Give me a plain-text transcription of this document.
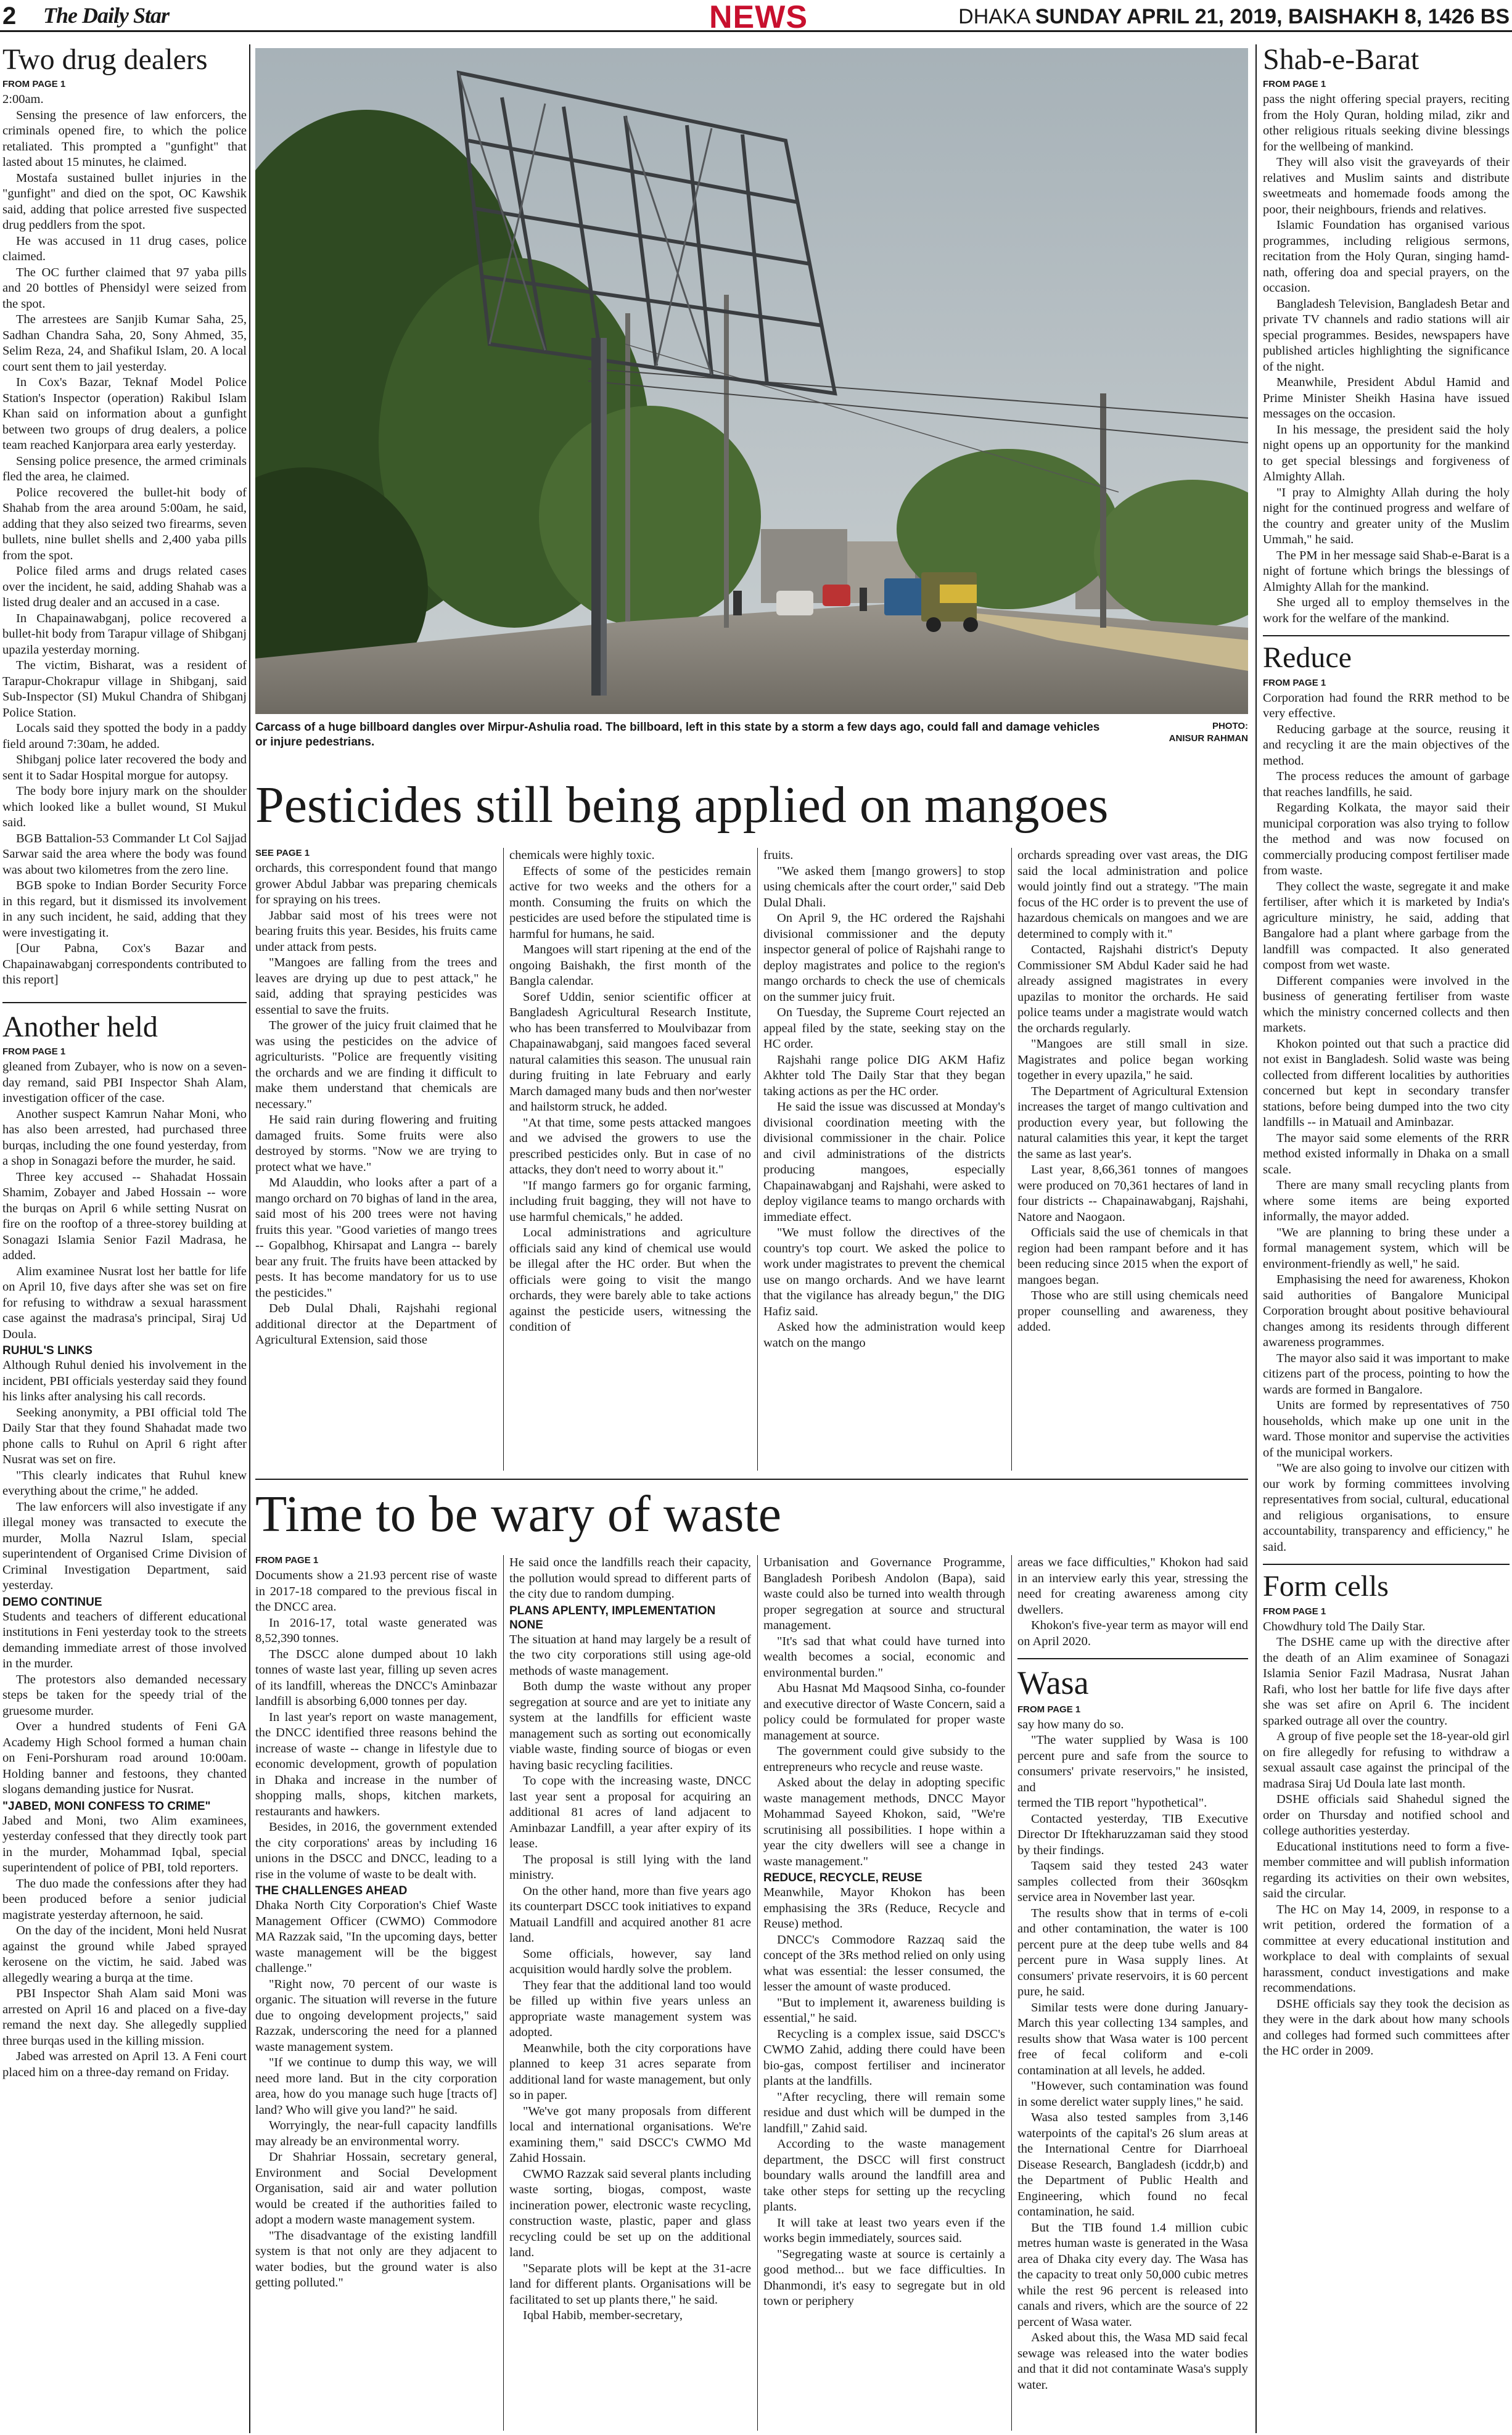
2 The Daily Star	NEWS	DHAKA SUNDAY APRIL 21, 2019, BAISHAKH 8, 1426 BS
Two drug dealers
FROM PAGE 1

2:00am.

Sensing the presence of law enforcers, the criminals opened fire, to which the police retaliated. This prompted a "gunfight" that lasted about 15 minutes, he claimed.

Mostafa sustained bullet injuries in the "gunfight" and died on the spot, OC Kawshik said, adding that police arrested five suspected drug peddlers from the spot.

He was accused in 11 drug cases, police claimed.

The OC further claimed that 97 yaba pills and 20 bottles of Phensidyl were seized from the spot.

The arrestees are Sanjib Kumar Saha, 25, Sadhan Chandra Saha, 20, Sony Ahmed, 35, Selim Reza, 24, and Shafikul Islam, 20. A local court sent them to jail yesterday.

In Cox's Bazar, Teknaf Model Police Station's Inspector (operation) Rakibul Islam Khan said on information about a gunfight between two groups of drug dealers, a police team reached Kanjorpara area early yesterday.

Sensing police presence, the armed criminals fled the area, he claimed.

Police recovered the bullet-hit body of Shahab from the area around 5:00am, he said, adding that they also seized two firearms, seven bullets, nine bullet shells and 2,400 yaba pills from the spot.

Police filed arms and drugs related cases over the incident, he said, adding Shahab was a listed drug dealer and an accused in a case.

In Chapainawabganj, police recovered a bullet-hit body from Tarapur village of Shibganj upazila yesterday morning.

The victim, Bisharat, was a resident of Tarapur-Chokrapur village in Shibganj, said Sub-Inspector (SI) Mukul Chandra of Shibganj Police Station.

Locals said they spotted the body in a paddy field around 7:30am, he added.

Shibganj police later recovered the body and sent it to Sadar Hospital morgue for autopsy.

The body bore injury mark on the shoulder which looked like a bullet wound, SI Mukul said.

BGB Battalion-53 Commander Lt Col Sajjad Sarwar said the area where the body was found was about two kilometres from the zero line.

BGB spoke to Indian Border Security Force in this regard, but it dismissed its involvement in any such incident, he said, adding that they were investigating it.

[Our Pabna, Cox's Bazar and Chapainawabganj correspondents contributed to this report]

Another held
FROM PAGE 1

gleaned from Zubayer, who is now on a seven-day remand, said PBI Inspector Shah Alam, investigation officer of the case.

Another suspect Kamrun Nahar Moni, who has also been arrested, had purchased three burqas, including the one found yesterday, from a shop in Sonagazi before the murder, he said.

Three key accused -- Shahadat Hossain Shamim, Zobayer and Jabed Hossain -- wore the burqas on April 6 while setting Nusrat on fire on the rooftop of a three-storey building at Sonagazi Islamia Senior Fazil Madrasa, he added.

Alim examinee Nusrat lost her battle for life on April 10, five days after she was set on fire for refusing to withdraw a sexual harassment case against the madrasa's principal, Siraj Ud Doula.

RUHUL'S LINKS

Although Ruhul denied his involvement in the incident, PBI officials yesterday said they found his links after analysing his call records.

Seeking anonymity, a PBI official told The Daily Star that they found Shahadat made two phone calls to Ruhul on April 6 right after Nusrat was set on fire.

"This clearly indicates that Ruhul knew everything about the crime," he added.

The law enforcers will also investigate if any illegal money was transacted to execute the murder, Molla Nazrul Islam, special superintendent of Organised Crime Division of Criminal Investigation Department, said yesterday.

DEMO CONTINUE

Students and teachers of different educational institutions in Feni yesterday took to the streets demanding immediate arrest of those involved in the murder.

The protestors also demanded necessary steps be taken for the speedy trial of the gruesome murder.

Over a hundred students of Feni GA Academy High School formed a human chain on Feni-Porshuram road around 10:00am. Holding banner and festoons, they chanted slogans demanding justice for Nusrat.

"JABED, MONI CONFESS TO CRIME"

Jabed and Moni, two Alim examinees, yesterday confessed that they directly took part in the murder, Mohammad Iqbal, special superintendent of police of PBI, told reporters.

The duo made the confessions after they had been produced before a senior judicial magistrate yesterday afternoon, he said.

On the day of the incident, Moni held Nusrat against the ground while Jabed sprayed kerosene on the victim, he said. Jabed was allegedly wearing a burqa at the time.

PBI Inspector Shah Alam said Moni was arrested on April 16 and placed on a five-day remand the next day. She allegedly supplied three burqas used in the killing mission.

Jabed was arrested on April 13. A Feni court placed him on a three-day remand on Friday.

Carcass of a huge billboard dangles over Mirpur-Ashulia road. The billboard, left in this state by a storm a few days ago, could fall and damage vehicles or injure pedestrians.
PHOTO:
ANISUR RAHMAN
Pesticides still being applied on mangoes
SEE PAGE 1

orchards, this correspondent found that mango grower Abdul Jabbar was preparing chemicals for spraying on his trees.

Jabbar said most of his trees were not bearing fruits this year. Besides, his fruits came under attack from pests.

"Mangoes are falling from the trees and leaves are drying up due to pest attack," he said, adding that spraying pesticides was essential to save the fruits.

The grower of the juicy fruit claimed that he was using the pesticides on the advice of agriculturists. "Police are frequently visiting the orchards and we are finding it difficult to make them understand that chemicals are necessary."

He said rain during flowering and fruiting damaged fruits. Some fruits were also destroyed by storms. "Now we are trying to protect what we have."

Md Alauddin, who looks after a part of a mango orchard on 70 bighas of land in the area, said most of his 200 trees were not having fruits this year. "Good varieties of mango trees -- Gopalbhog, Khirsapat and Langra -- barely bear any fruit. The fruits have been attacked by pests. It has become mandatory for us to use the pesticides."

Deb Dulal Dhali, Rajshahi regional additional director at the Department of Agricultural Extension, said those

chemicals were highly toxic.

Effects of some of the pesticides remain active for two weeks and the others for a month. Consuming the fruits on which the pesticides are used before the stipulated time is harmful for humans, he said.

Mangoes will start ripening at the end of the ongoing Baishakh, the first month of the Bangla calendar.

Soref Uddin, senior scientific officer at Bangladesh Agricultural Research Institute, who has been transferred to Moulvibazar from Chapainawabganj, said mangoes faced several natural calamities this season. The unusual rain during fruiting in late February and early March damaged many buds and then nor'wester and hailstorm struck, he added.

"At that time, some pests attacked mangoes and we advised the growers to use the prescribed pesticides only. But in case of no attacks, they don't need to worry about it."

"If mango farmers go for organic farming, including fruit bagging, they will not have to use harmful chemicals," he added.

Local administrations and agriculture officials said any kind of chemical use would be illegal after the HC order. But when the officials were going to visit the mango orchards, they were barely able to take actions against the pesticide users, witnessing the condition of

fruits.

"We asked them [mango growers] to stop using chemicals after the court order," said Deb Dulal Dhali.

On April 9, the HC ordered the Rajshahi divisional commissioner and the deputy inspector general of police of Rajshahi range to deploy magistrates and police to the region's mango orchards to check the use of chemicals on the summer juicy fruit.

On Tuesday, the Supreme Court rejected an appeal filed by the state, seeking stay on the HC order.

Rajshahi range police DIG AKM Hafiz Akhter told The Daily Star that they began taking actions as per the HC order.

He said the issue was discussed at Monday's divisional coordination meeting with the divisional commissioner in the chair. Police and civil administrations of the districts producing mangoes, especially Chapainawabganj and Rajshahi, were asked to deploy vigilance teams to mango orchards with immediate effect.

"We must follow the directives of the country's top court. We asked the police to work under magistrates to prevent the chemical use on mango orchards. And we have learnt that the vigilance has already begun," the DIG Hafiz said.

Asked how the administration would keep watch on the mango

orchards spreading over vast areas, the DIG said the local administration and police would jointly find out a strategy. "The main focus of the HC order is to prevent the use of hazardous chemicals on mangoes and we are determined to comply with it."

Contacted, Rajshahi district's Deputy Commissioner SM Abdul Kader said he had already assigned magistrates in every upazilas to monitor the orchards. He said police teams under a magistrate would watch the orchards regularly.

"Mangoes are still small in size. Magistrates and police began working together in every upazila," he said.

The Department of Agricultural Extension increases the target of mango cultivation and production every year, but following the natural calamities this year, it kept the target the same as last year's.

Last year, 8,66,361 tonnes of mangoes were produced on 70,361 hectares of land in four districts -- Chapainawabganj, Rajshahi, Natore and Naogaon.

Officials said the use of chemicals in that region had been rampant before and it has been reducing since 2015 when the export of mangoes began.

Those who are still using chemicals need proper counselling and awareness, they added.

Time to be wary of waste
FROM PAGE 1

Documents show a 21.93 percent rise of waste in 2017-18 compared to the previous fiscal in the DNCC area.

In 2016-17, total waste generated was 8,52,390 tonnes.

The DSCC alone dumped about 10 lakh tonnes of waste last year, filling up seven acres of its landfill, whereas the DNCC's Aminbazar landfill is absorbing 6,000 tonnes per day.

In last year's report on waste management, the DNCC identified three reasons behind the increase of waste -- change in lifestyle due to economic development, growth of population in Dhaka and increase in the number of shopping malls, shops, kitchen markets, restaurants and hawkers.

Besides, in 2016, the government extended the city corporations' areas by including 16 unions in the DSCC and DNCC, leading to a rise in the volume of waste to be dealt with.

THE CHALLENGES AHEAD

Dhaka North City Corporation's Chief Waste Management Officer (CWMO) Commodore MA Razzak said, "In the upcoming days, better waste management will be the biggest challenge."

"Right now, 70 percent of our waste is organic. The situation will reverse in the future due to ongoing development projects," said Razzak, underscoring the need for a planned waste management system.

"If we continue to dump this way, we will need more land. But in the city corporation area, how do you manage such huge [tracts of] land? Who will give you land?" he said.

Worryingly, the near-full capacity landfills may already be an environmental worry.

Dr Shahriar Hossain, secretary general, Environment and Social Development Organisation, said air and water pollution would be created if the authorities failed to adopt a modern waste management system.

"The disadvantage of the existing landfill system is that not only are they adjacent to water bodies, but the ground water is also getting polluted."

He said once the landfills reach their capacity, the pollution would spread to different parts of the city due to random dumping.

PLANS APLENTY, IMPLEMENTATION NONE

The situation at hand may largely be a result of the two city corporations still using age-old methods of waste management.

Both dump the waste without any proper segregation at source and are yet to initiate any system at the landfills for efficient waste management such as sorting out economically viable waste, finding source of biogas or even having basic recycling facilities.

To cope with the increasing waste, DNCC last year sent a proposal for acquiring an additional 81 acres of land adjacent to Aminbazar Landfill, a year after expiry of its lease.

The proposal is still lying with the land ministry.

On the other hand, more than five years ago its counterpart DSCC took initiatives to expand Matuail Landfill and acquired another 81 acre land.

Some officials, however, say land acquisition would hardly solve the problem.

They fear that the additional land too would be filled up within five years unless an appropriate waste management system was adopted.

Meanwhile, both the city corporations have planned to keep 31 acres separate from additional land for waste management, but only so in paper.

"We've got many proposals from different local and international organisations. We're examining them," said DSCC's CWMO Md Zahid Hossain.

CWMO Razzak said several plants including waste sorting, biogas, compost, waste incineration power, electronic waste recycling, construction waste, plastic, paper and glass recycling could be set up on the additional land.

"Separate plots will be kept at the 31-acre land for different plants. Organisations will be facilitated to set up plants there," he said.

Iqbal Habib, member-secretary,

Urbanisation and Governance Programme, Bangladesh Poribesh Andolon (Bapa), said waste could also be turned into wealth through proper segregation at source and structural management.

"It's sad that what could have turned into wealth becomes a social, economic and environmental burden."

Abu Hasnat Md Maqsood Sinha, co-founder and executive director of Waste Concern, said a policy could be formulated for proper waste management at source.

The government could give subsidy to the entrepreneurs who recycle and reuse waste.

Asked about the delay in adopting specific waste management methods, DNCC Mayor Mohammad Sayeed Khokon, said, "We're scrutinising all possibilities. I hope within a year the city dwellers will see a change in waste management."

REDUCE, RECYCLE, REUSE

Meanwhile, Mayor Khokon has been emphasising the 3Rs (Reduce, Recycle and Reuse) method.

DNCC's Commodore Razzaq said the concept of the 3Rs method relied on only using what was essential: the lesser consumed, the lesser the amount of waste produced.

"But to implement it, awareness building is essential," he said.

Recycling is a complex issue, said DSCC's CWMO Zahid, adding there could have been bio-gas, compost fertiliser and incinerator plants at the landfills.

"After recycling, there will remain some residue and dust which will be dumped in the landfill," Zahid said.

According to the waste management department, the DSCC will first construct boundary walls around the landfill area and take other steps for setting up the recycling plants.

It will take at least two years even if the works begin immediately, sources said.

"Segregating waste at source is certainly a good method... but we face difficulties. In Dhanmondi, it's easy to segregate but in old town or periphery

areas we face difficulties," Khokon had said in an interview early this year, stressing the need for creating awareness among city dwellers.

Khokon's five-year term as mayor will end on April 2020.

Wasa
FROM PAGE 1

say how many do so.

"The water supplied by Wasa is 100 percent pure and safe from the source to consumers' private reservoirs," he insisted, and

termed the TIB report "hypothetical".

Contacted yesterday, TIB Executive Director Dr Iftekharuzzaman said they stood by their findings.

Taqsem said they tested 243 water samples collected from their 360sqkm service area in November last year.

The results show that in terms of e-coli and other contamination, the water is 100 percent pure at the deep tube wells and 84 percent pure in Wasa supply lines. At consumers' private reservoirs, it is 60 percent pure, he said.

Similar tests were done during January-March this year collecting 134 samples, and results show that Wasa water is 100 percent free of fecal coliform and e-coli contamination at all levels, he added.

"However, such contamination was found in some derelict water supply lines," he said.

Wasa also tested samples from 3,146 waterpoints of the capital's 26 slum areas at the International Centre for Diarrhoeal Disease Research, Bangladesh (icddr,b) and the Department of Public Health and Engineering, which found no fecal contamination, he said.

But the TIB found 1.4 million cubic metres human waste is generated in the Wasa area of Dhaka city every day. The Wasa has the capacity to treat only 50,000 cubic metres while the rest 96 percent is released into canals and rivers, which are the source of 22 percent of Wasa water.

Asked about this, the Wasa MD said fecal sewage was released into the water bodies and that it did not contaminate Wasa's supply water.

Shab-e-Barat
FROM PAGE 1

pass the night offering special prayers, reciting from the Holy Quran, holding milad, zikr and other religious rituals seeking divine blessings for the wellbeing of mankind.

They will also visit the graveyards of their relatives and Muslim saints and distribute sweetmeats and homemade foods among the poor, their neighbours, friends and relatives.

Islamic Foundation has organised various programmes, including religious sermons, recitation from the Holy Quran, singing hamd-nath, offering doa and special prayers, on the occasion.

Bangladesh Television, Bangladesh Betar and private TV channels and radio stations will air special programmes. Besides, newspapers have published articles highlighting the significance of the night.

Meanwhile, President Abdul Hamid and Prime Minister Sheikh Hasina have issued messages on the occasion.

In his message, the president said the holy night opens up an opportunity for the mankind to get special blessings and forgiveness of Almighty Allah.

"I pray to Almighty Allah during the holy night for the continued progress and welfare of the country and greater unity of the Muslim Ummah," he said.

The PM in her message said Shab-e-Barat is a night of fortune which brings the blessings of Almighty Allah for the mankind.

She urged all to employ themselves in the work for the welfare of the mankind.

Reduce
FROM PAGE 1

Corporation had found the RRR method to be very effective.

Reducing garbage at the source, reusing it and recycling it are the main objectives of the method.

The process reduces the amount of garbage that reaches landfills, he said.

Regarding Kolkata, the mayor said their municipal corporation was also trying to follow the method and was now focused on commercially producing compost fertiliser made from waste.

They collect the waste, segregate it and make fertiliser, after which it is marketed by India's agriculture ministry, he said, adding that Bangalore had a plant where garbage from the landfill was compacted. It also generated compost from wet waste.

Different companies were involved in the business of generating fertiliser from waste which the ministry concerned collects and then markets.

Khokon pointed out that such a practice did not exist in Bangladesh. Solid waste was being collected from different localities by authorities concerned but kept in secondary transfer stations, before being dumped into the two city landfills -- in Matuail and Aminbazar.

The mayor said some elements of the RRR method existed informally in Dhaka on a small scale.

There are many small recycling plants from where some items are being exported informally, the mayor added.

"We are planning to bring these under a formal management system, which will be environment-friendly as well," he said.

Emphasising the need for awareness, Khokon said authorities of Bangalore Municipal Corporation brought about positive behavioural changes among its residents through different awareness programmes.

The mayor also said it was important to make citizens part of the process, pointing to how the wards are formed in Bangalore.

Units are formed by representatives of 750 households, which make up one unit in the ward. Those monitor and supervise the activities of the municipal workers.

"We are also going to involve our citizen with our work by forming committees involving representatives from social, cultural, educational and religious organisations, to ensure accountability, transparency and efficiency," he said.

Form cells
FROM PAGE 1

Chowdhury told The Daily Star.

The DSHE came up with the directive after the death of an Alim examinee of Sonagazi Islamia Senior Fazil Madrasa, Nusrat Jahan Rafi, who lost her battle for life five days after she was set afire on April 6. The incident sparked outrage all over the country.

A group of five people set the 18-year-old girl on fire allegedly for refusing to withdraw a sexual assault case against the principal of the madrasa Siraj Ud Doula late last month.

DSHE officials said Shahedul signed the order on Thursday and notified school and college authorities yesterday.

Educational institutions need to form a five-member committee and will publish information regarding its activities on their own websites, said the circular.

The HC on May 14, 2009, in response to a writ petition, ordered the formation of a committee at every educational institution and workplace to deal with complaints of sexual harassment, conduct investigations and make recommendations.

DSHE officials say they took the decision as they were in the dark about how many schools and colleges had formed such committees after the HC order in 2009.
